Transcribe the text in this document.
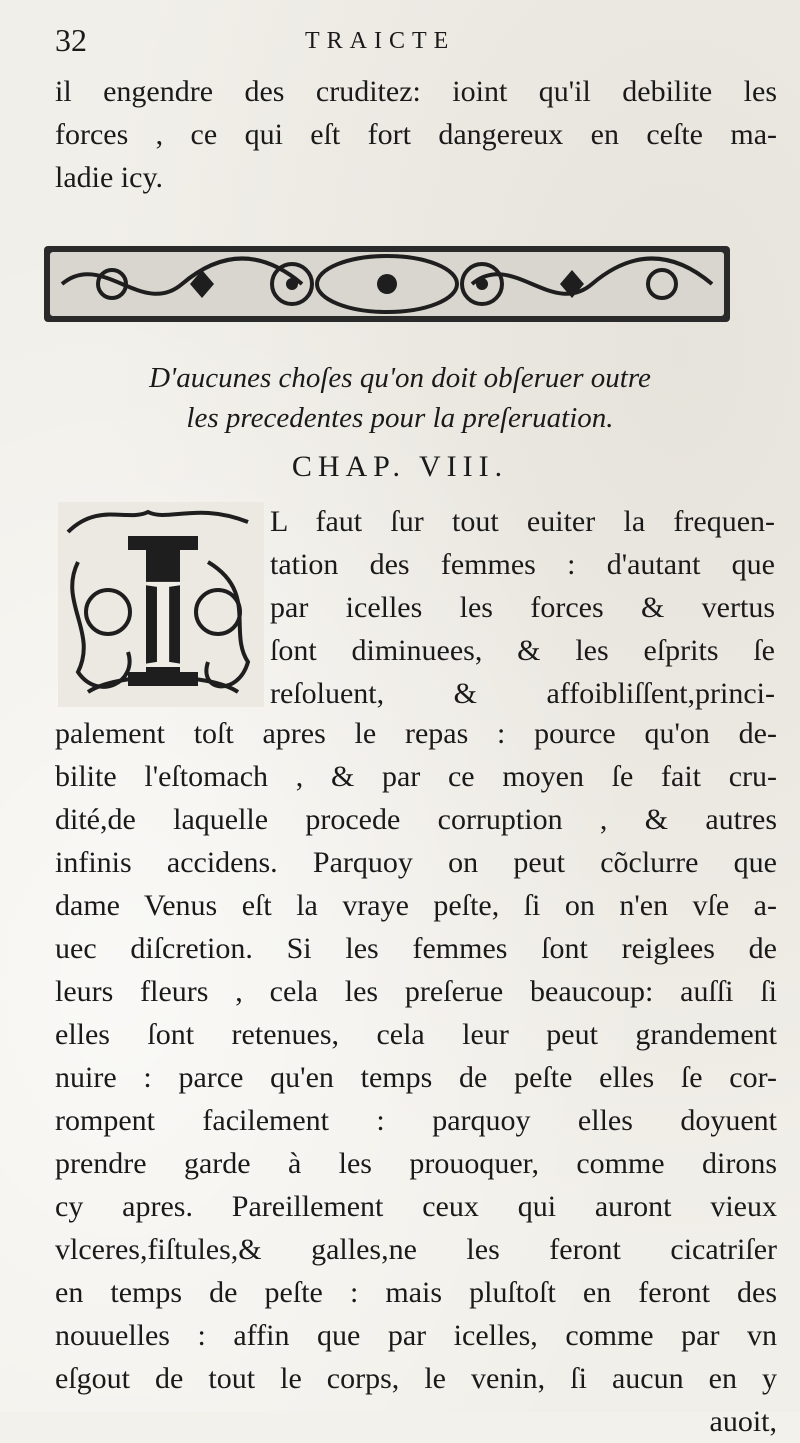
32	TRAICTE
il engendre des cruditez: ioint qu'il debilite les
forces , ce qui eſt fort dangereux en ceſte ma-
ladie icy.
D'aucunes choſes qu'on doit obſeruer outre
les precedentes pour la preſeruation.
CHAP. VIII.
I
L faut ſur tout euiter la frequen-
tation des femmes : d'autant que
par icelles les forces & vertus
ſont diminuees, & les eſprits ſe
reſoluent, & affoibliſſent,princi-
palement toſt apres le repas : pource qu'on de-
bilite l'eſtomach , & par ce moyen ſe fait cru-
dité,de laquelle procede corruption , & autres
infinis accidens. Parquoy on peut cõclurre que
dame Venus eſt la vraye peſte, ſi on n'en vſe a-
uec diſcretion. Si les femmes ſont reiglees de
leurs fleurs , cela les preſerue beaucoup: auſſi ſi
elles ſont retenues, cela leur peut grandement
nuire : parce qu'en temps de peſte elles ſe cor-
rompent facilement : parquoy elles doyuent
prendre garde à les prouoquer, comme dirons
cy apres. Pareillement ceux qui auront vieux
vlceres,fiſtules,& galles,ne les feront cicatriſer
en temps de peſte : mais pluſtoſt en feront des
nouuelles : affin que par icelles, comme par vn
eſgout de tout le corps, le venin, ſi aucun en y
auoit,
